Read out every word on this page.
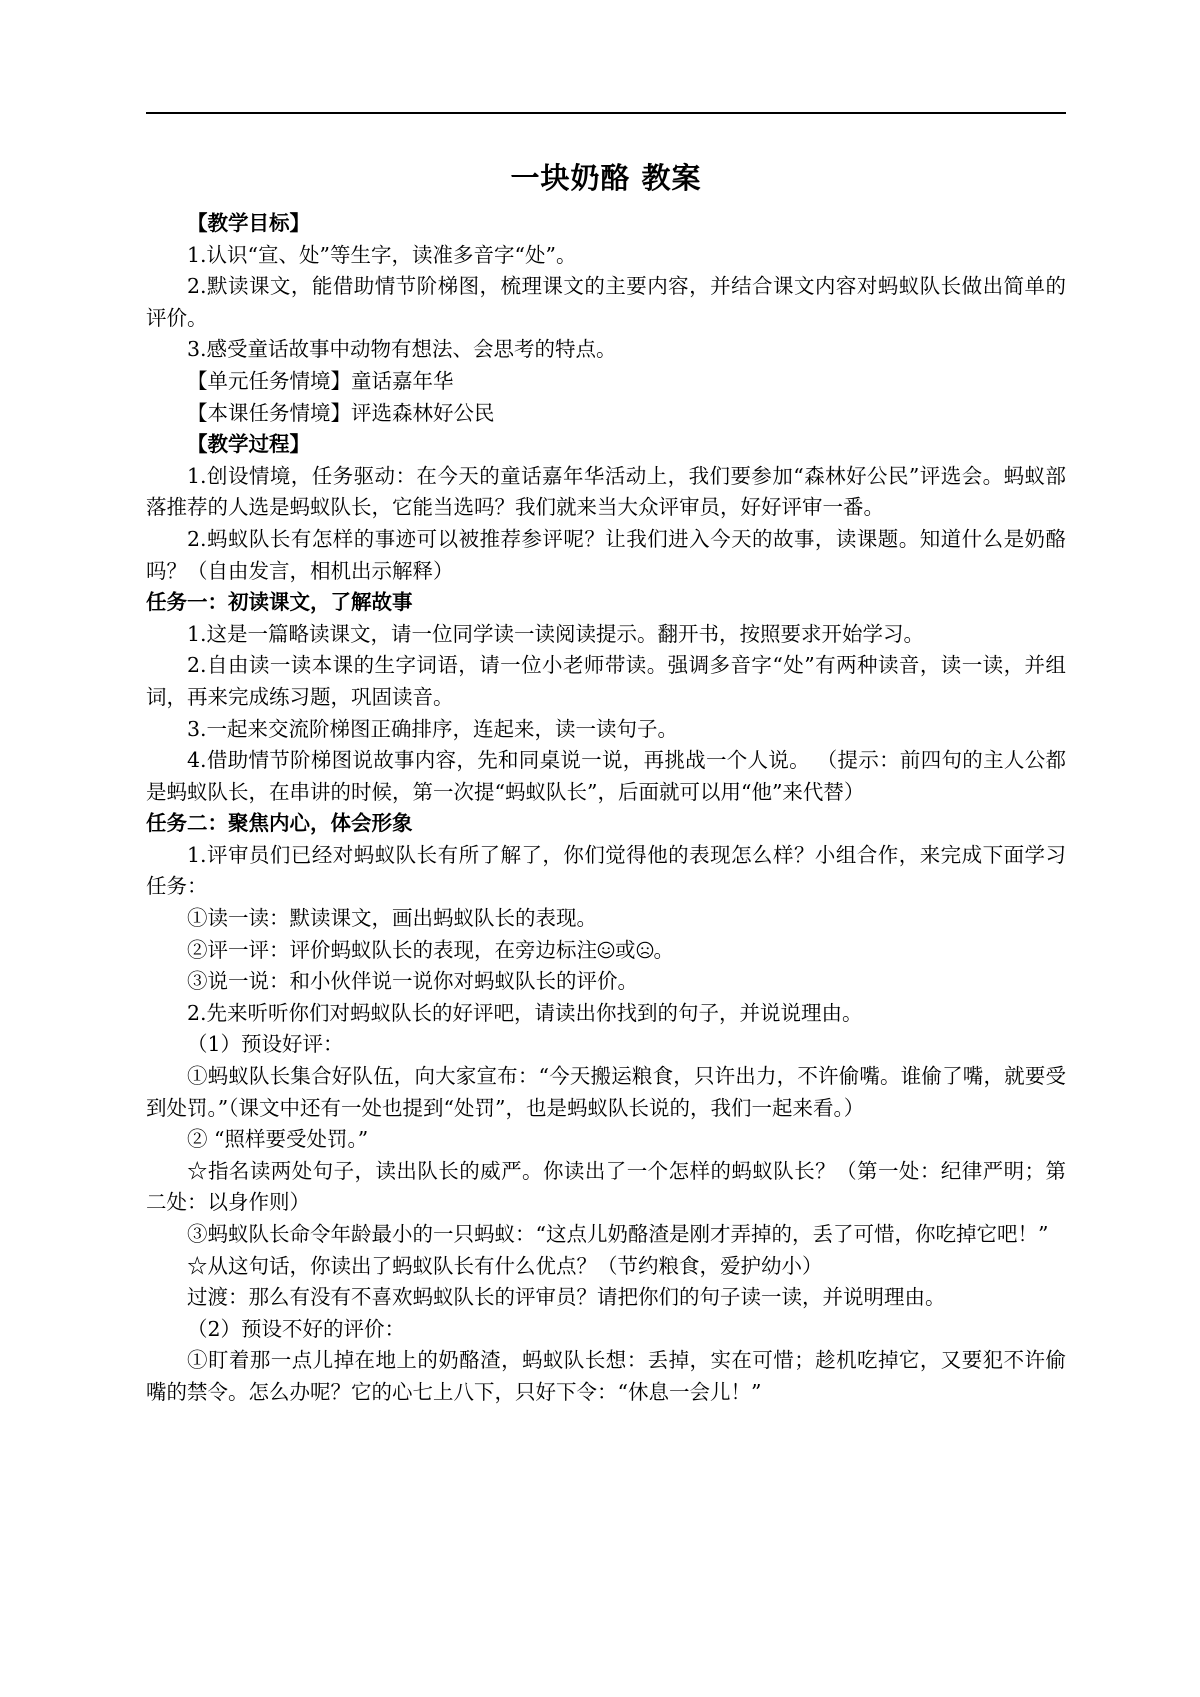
一块奶酪 教案

【教学目标】

1.认识“宣、处”等生字，读准多音字“处”。

2.默读课文，能借助情节阶梯图，梳理课文的主要内容，并结合课文内容对蚂蚁队长做出简单的评价。

3.感受童话故事中动物有想法、会思考的特点。

【单元任务情境】童话嘉年华

【本课任务情境】评选森林好公民

【教学过程】

1.创设情境，任务驱动：在今天的童话嘉年华活动上，我们要参加“森林好公民”评选会。蚂蚁部落推荐的人选是蚂蚁队长，它能当选吗？我们就来当大众评审员，好好评审一番。

2.蚂蚁队长有怎样的事迹可以被推荐参评呢？让我们进入今天的故事，读课题。知道什么是奶酪吗？（自由发言，相机出示解释）

任务一：初读课文，了解故事

1.这是一篇略读课文，请一位同学读一读阅读提示。翻开书，按照要求开始学习。

2.自由读一读本课的生字词语，请一位小老师带读。强调多音字“处”有两种读音，读一读，并组词，再来完成练习题，巩固读音。

3.一起来交流阶梯图正确排序，连起来，读一读句子。

4.借助情节阶梯图说故事内容，先和同桌说一说，再挑战一个人说。 （提示：前四句的主人公都是蚂蚁队长，在串讲的时候，第一次提“蚂蚁队长”，后面就可以用“他”来代替）

任务二：聚焦内心，体会形象

1.评审员们已经对蚂蚁队长有所了解了，你们觉得他的表现怎么样？小组合作，来完成下面学习任务：

①读一读：默读课文，画出蚂蚁队长的表现。

②评一评：评价蚂蚁队长的表现，在旁边标注 或 。

③说一说：和小伙伴说一说你对蚂蚁队长的评价。

2.先来听听你们对蚂蚁队长的好评吧，请读出你找到的句子，并说说理由。

（1）预设好评：

①蚂蚁队长集合好队伍，向大家宣布：“今天搬运粮食，只许出力，不许偷嘴。谁偷了嘴，就要受到处罚。”（课文中还有一处也提到“处罚”，也是蚂蚁队长说的，我们一起来看。）

② “照样要受处罚。”

☆指名读两处句子，读出队长的威严。你读出了一个怎样的蚂蚁队长？（第一处：纪律严明；第二处：以身作则）

③蚂蚁队长命令年龄最小的一只蚂蚁：“这点儿奶酪渣是刚才弄掉的，丢了可惜，你吃掉它吧！”

☆从这句话，你读出了蚂蚁队长有什么优点？（节约粮食，爱护幼小）

过渡：那么有没有不喜欢蚂蚁队长的评审员？请把你们的句子读一读，并说明理由。

（2）预设不好的评价：

①盯着那一点儿掉在地上的奶酪渣，蚂蚁队长想：丢掉，实在可惜；趁机吃掉它，又要犯不许偷嘴的禁令。怎么办呢？它的心七上八下，只好下令：“休息一会儿！”
